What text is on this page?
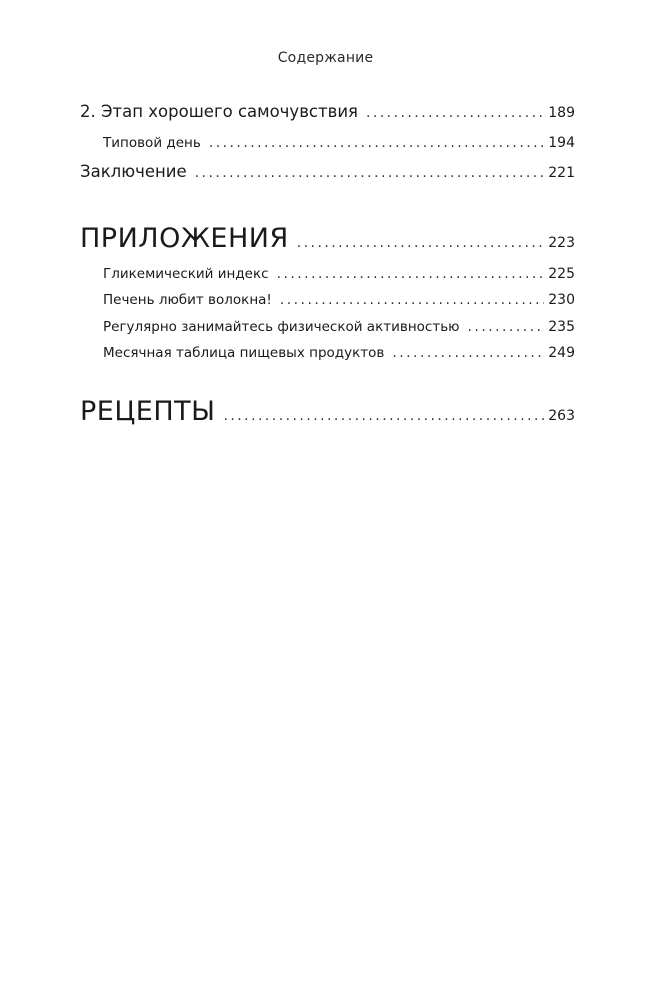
Содержание
2. Этап хорошего самочувствия . . .	189
Типовой день . . .	194
Заключение . . .	221
ПРИЛОЖЕНИЯ . . .	223
Гликемический индекс . . .	225
Печень любит волокна! . . .	230
Регулярно занимайтесь физической активностью . . .	235
Месячная таблица пищевых продуктов . . .	249
РЕЦЕПТЫ . . .	263
